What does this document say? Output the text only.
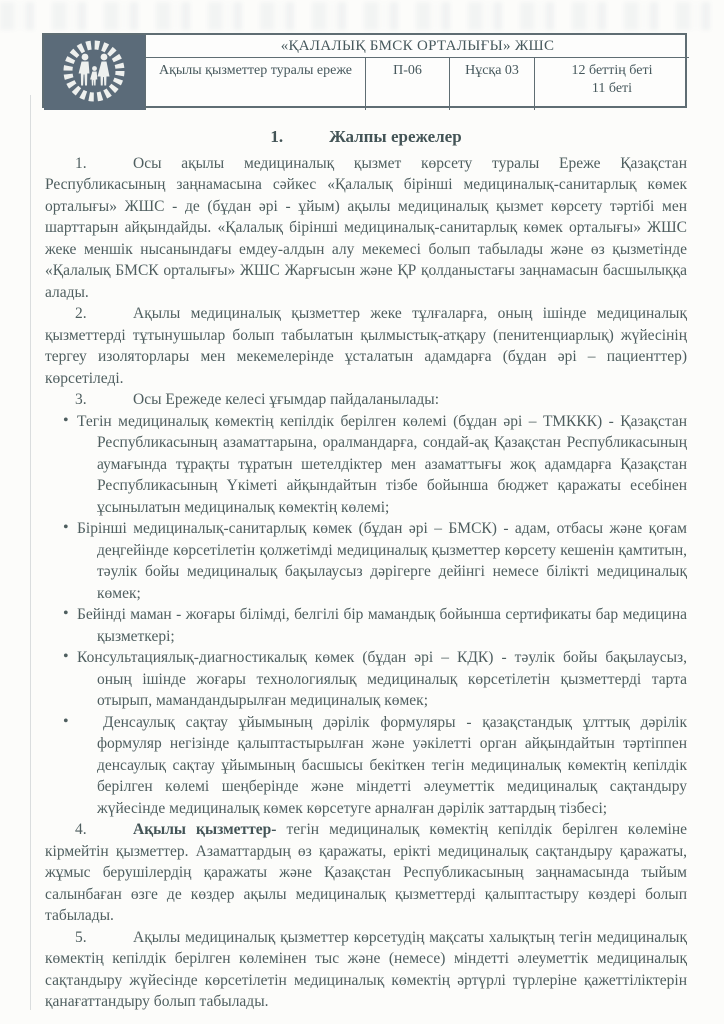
«ҚАЛАЛЫҚ БМСК ОРТАЛЫҒЫ» ЖШС
Ақылы қызметтер туралы ереже	П-06	Нұсқа 03	12 беттің беті
11 беті
1.	Жалпы ережелер

1.	Осы ақылы медициналық қызмет көрсету туралы Ереже Қазақстан Республикасының заңнамасына сәйкес «Қалалық бірінші медициналық-санитарлық көмек орталығы» ЖШС - де (бұдан әрі - ұйым) ақылы медициналық қызмет көрсету тәртібі мен шарттарын айқындайды. «Қалалық бірінші медициналық-санитарлық көмек орталығы» ЖШС жеке меншік нысанындағы емдеу-алдын алу мекемесі болып табылады және өз қызметінде «Қалалық БМСК орталығы» ЖШС Жарғысын және ҚР қолданыстағы заңнамасын басшылыққа алады.

2.	Ақылы медициналық қызметтер жеке тұлғаларға, оның ішінде медициналық қызметтерді тұтынушылар болып табылатын қылмыстық-атқару (пенитенциарлық) жүйесінің тергеу изоляторлары мен мекемелерінде ұсталатын адамдарға (бұдан әрі – пациенттер) көрсетіледі.

3.	Осы Ережеде келесі ұғымдар пайдаланылады:

• Тегін медициналық көмектің кепілдік берілген көлемі (бұдан әрі – ТМККК) - Қазақстан Республикасының азаматтарына, оралмандарға, сондай-ақ Қазақстан Республикасының аумағында тұрақты тұратын шетелдіктер мен азаматтығы жоқ адамдарға Қазақстан Республикасының Үкіметі айқындайтын тізбе бойынша бюджет қаражаты есебінен ұсынылатын медициналық көмектің көлемі;
• Бірінші медициналық-санитарлық көмек (бұдан әрі – БМСК) - адам, отбасы және қоғам деңгейінде көрсетілетін қолжетімді медициналық қызметтер көрсету кешенін қамтитын, тәулік бойы медициналық бақылаусыз дәрігерге дейінгі немесе білікті медициналық көмек;
• Бейінді маман - жоғары білімді, белгілі бір мамандық бойынша сертификаты бар медицина қызметкері;
• Консультациялық-диагностикалық көмек (бұдан әрі – КДК) - тәулік бойы бақылаусыз, оның ішінде жоғары технологиялық медициналық көрсетілетін қызметтерді тарта отырып, мамандандырылған медициналық көмек;
•	Денсаулық сақтау ұйымының дәрілік формуляры - қазақстандық ұлттық дәрілік формуляр негізінде қалыптастырылған және уәкілетті орган айқындайтын тәртіппен денсаулық сақтау ұйымының басшысы бекіткен тегін медициналық көмектің кепілдік берілген көлемі шеңберінде және міндетті әлеуметтік медициналық сақтандыру жүйесінде медициналық көмек көрсетуге арналған дәрілік заттардың тізбесі;

4.	Ақылы қызметтер- тегін медициналық көмектің кепілдік берілген көлеміне кірмейтін қызметтер. Азаматтардың өз қаражаты, ерікті медициналық сақтандыру қаражаты, жұмыс берушілердің қаражаты және Қазақстан Республикасының заңнамасында тыйым салынбаған өзге де көздер ақылы медициналық қызметтерді қалыптастыру көздері болып табылады.

5.	Ақылы медициналық қызметтер көрсетудің мақсаты халықтың тегін медициналық көмектің кепілдік берілген көлемінен тыс және (немесе) міндетті әлеуметтік медициналық сақтандыру жүйесінде көрсетілетін медициналық көмектің әртүрлі түрлеріне қажеттіліктерін қанағаттандыру болып табылады.
